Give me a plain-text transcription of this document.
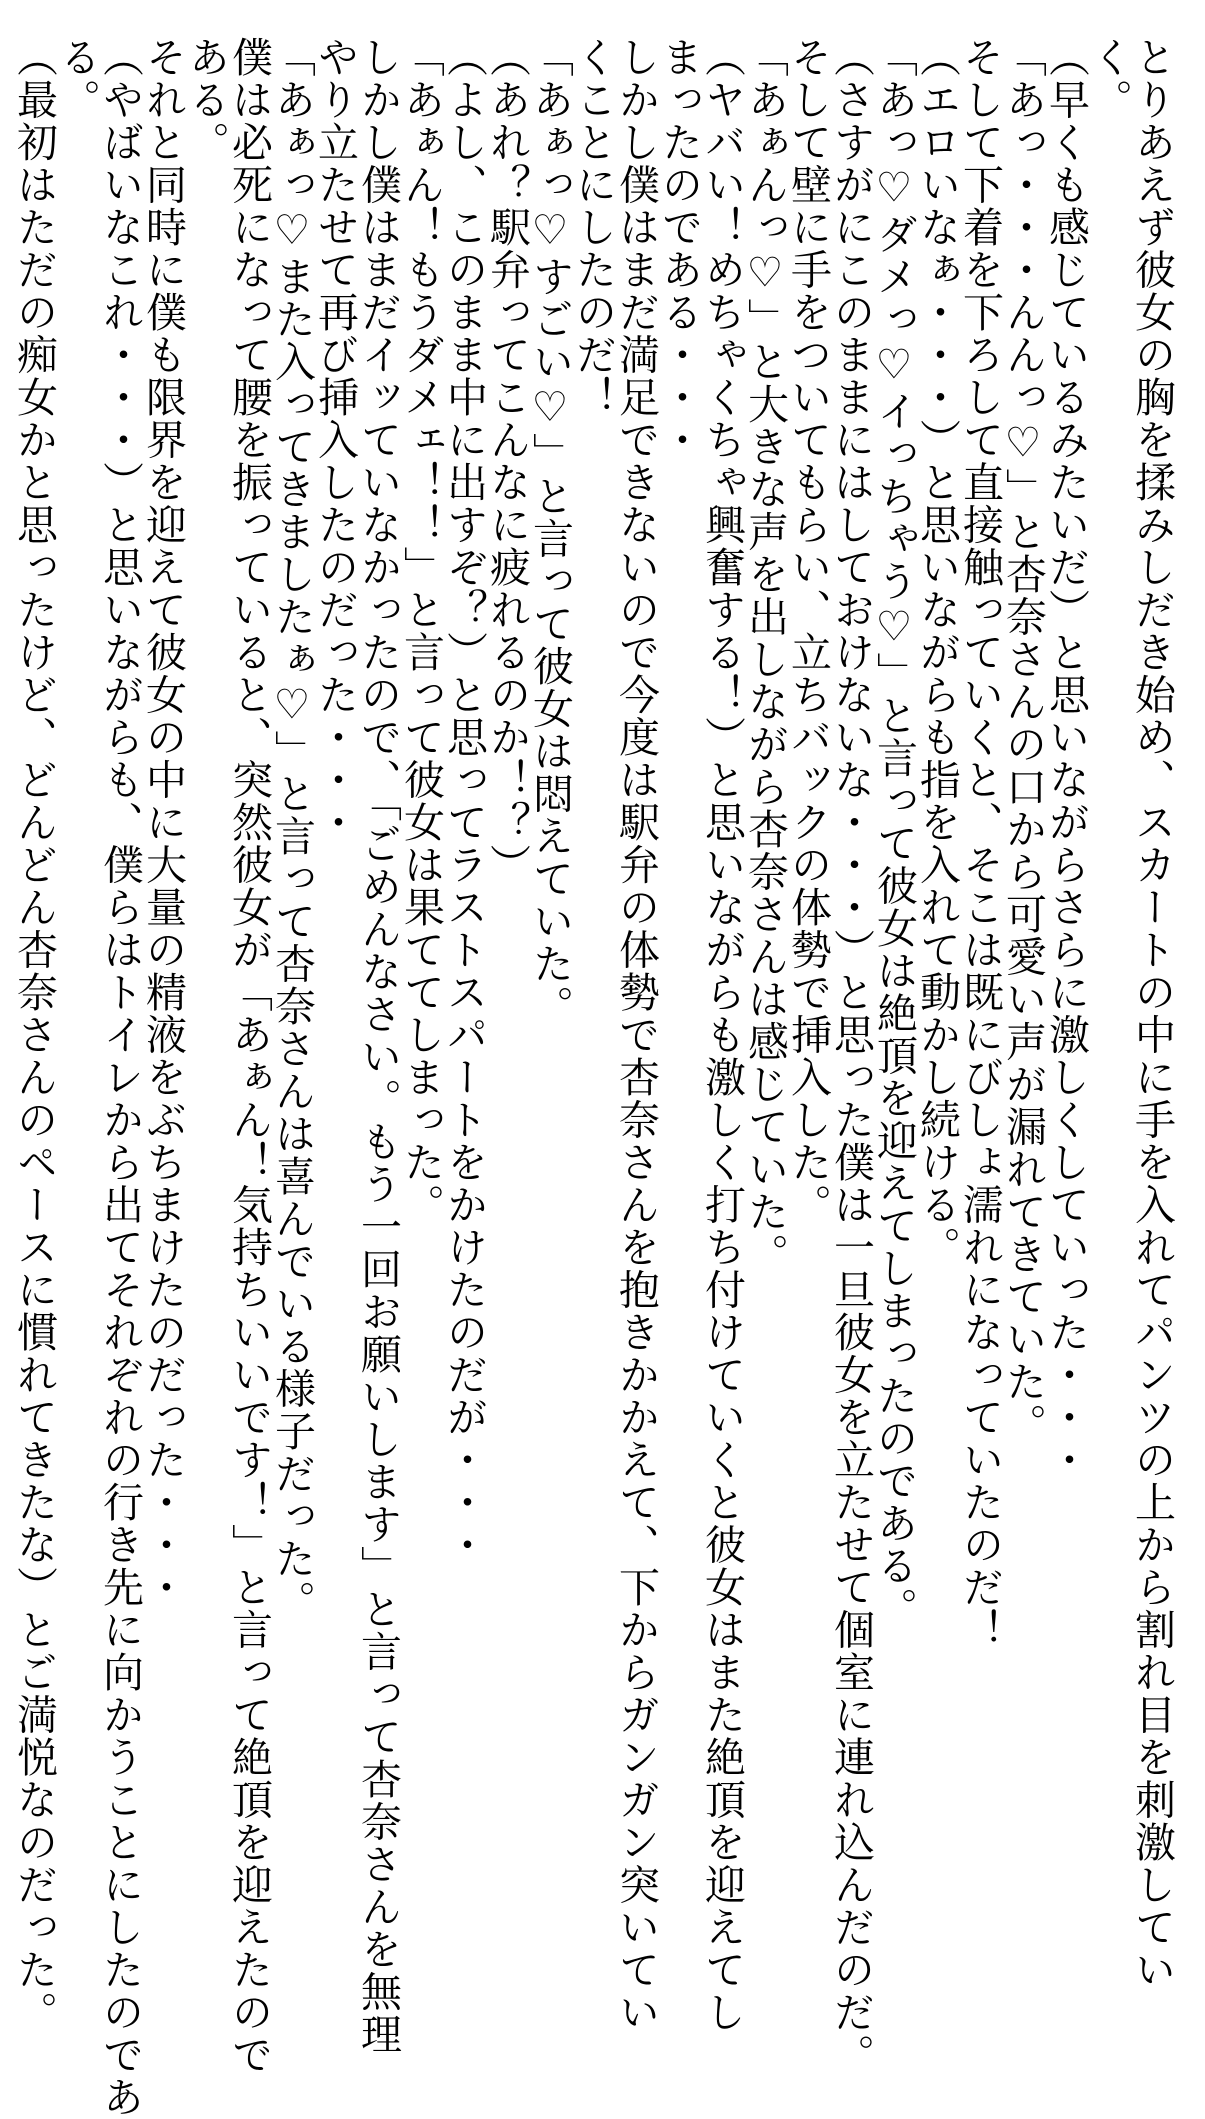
とりあえず彼女の胸を揉みしだき始め、スカートの中に手を入れてパンツの上から割れ目を刺激してい
く。
（早くも感じているみたいだ）と思いながらさらに激しくしていった・・・
「あっ・・・んんっ♡」と杏奈さんの口から可愛い声が漏れてきていた。
そして下着を下ろして直接触っていくと、そこは既にびしょ濡れになっていたのだ！
（エロいなぁ・・・）と思いながらも指を入れて動かし続ける。
「あっ♡ダメっ♡イっちゃう♡」と言って彼女は絶頂を迎えてしまったのである。
（さすがにこのままにはしておけないな・・・）と思った僕は一旦彼女を立たせて個室に連れ込んだのだ。
そして壁に手をついてもらい、立ちバックの体勢で挿入した。
「あぁんっ♡」と大きな声を出しながら杏奈さんは感じていた。
（ヤバい！めちゃくちゃ興奮する！）と思いながらも激しく打ち付けていくと彼女はまた絶頂を迎えてし
まったのである・・・
しかし僕はまだ満足できないので今度は駅弁の体勢で杏奈さんを抱きかかえて、下からガンガン突いてい
くことにしたのだ！
「あぁっ♡すごい♡」と言って彼女は悶えていた。
（あれ？駅弁ってこんなに疲れるのか！？）
（よし、このまま中に出すぞ？）と思ってラストスパートをかけたのだが・・・
「あぁん！もうダメェ！！」と言って彼女は果ててしまった。
しかし僕はまだイッていなかったので、「ごめんなさい。もう一回お願いします」と言って杏奈さんを無理
やり立たせて再び挿入したのだった・・・
「あぁっ♡また入ってきましたぁ♡」と言って杏奈さんは喜んでいる様子だった。
僕は必死になって腰を振っていると、突然彼女が「あぁん！気持ちいいです！」と言って絶頂を迎えたので
ある。
それと同時に僕も限界を迎えて彼女の中に大量の精液をぶちまけたのだった・・・
（やばいなこれ・・・）と思いながらも、僕らはトイレから出てそれぞれの行き先に向かうことにしたのであ
る。
（最初はただの痴女かと思ったけど、どんどん杏奈さんのペースに慣れてきたな）とご満悦なのだった。
